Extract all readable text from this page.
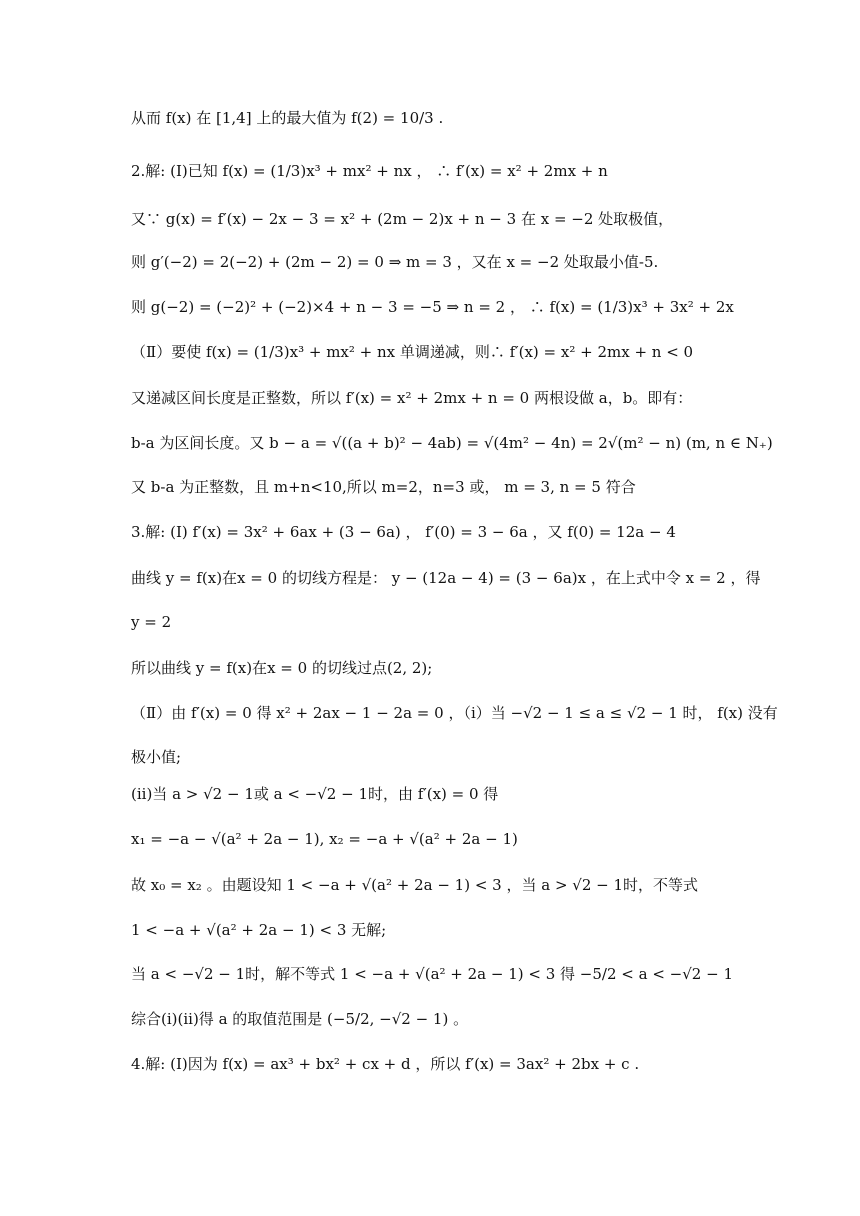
从而 f(x) 在 [1,4] 上的最大值为 f(2) = 10/3 .
2.解: (Ⅰ)已知 f(x) = (1/3)x³ + mx² + nx ， ∴ f′(x) = x² + 2mx + n
又∵ g(x) = f′(x) − 2x − 3 = x² + (2m − 2)x + n − 3 在 x = −2 处取极值，
则 g′(−2) = 2(−2) + (2m − 2) = 0 ⇒ m = 3 ，又在 x = −2 处取最小值-5.
则 g(−2) = (−2)² + (−2)×4 + n − 3 = −5 ⇒ n = 2 ， ∴ f(x) = (1/3)x³ + 3x² + 2x
（Ⅱ）要使 f(x) = (1/3)x³ + mx² + nx 单调递减，则∴ f′(x) = x² + 2mx + n < 0
又递减区间长度是正整数，所以 f′(x) = x² + 2mx + n = 0 两根设做 a，b。即有：
b-a 为区间长度。又 b − a = √((a + b)² − 4ab) = √(4m² − 4n) = 2√(m² − n) (m, n ∈ N₊)
又 b-a 为正整数，且 m+n<10,所以 m=2，n=3 或， m = 3, n = 5 符合
3.解: (Ⅰ) f′(x) = 3x² + 6ax + (3 − 6a) ， f′(0) = 3 − 6a ，又 f(0) = 12a − 4
曲线 y = f(x)在x = 0 的切线方程是： y − (12a − 4) = (3 − 6a)x ，在上式中令 x = 2 ，得
y = 2
所以曲线 y = f(x)在x = 0 的切线过点(2, 2);
（Ⅱ）由 f′(x) = 0 得 x² + 2ax − 1 − 2a = 0 ，（i）当 −√2 − 1 ≤ a ≤ √2 − 1 时， f(x) 没有
极小值;
(ii)当 a > √2 − 1或 a < −√2 − 1时，由 f′(x) = 0 得
x₁ = −a − √(a² + 2a − 1), x₂ = −a + √(a² + 2a − 1)
故 x₀ = x₂ 。由题设知 1 < −a + √(a² + 2a − 1) < 3 ，当 a > √2 − 1时，不等式
1 < −a + √(a² + 2a − 1) < 3 无解;
当 a < −√2 − 1时，解不等式 1 < −a + √(a² + 2a − 1) < 3 得 −5/2 < a < −√2 − 1
综合(i)(ii)得 a 的取值范围是 (−5/2, −√2 − 1) 。
4.解: (Ⅰ)因为 f(x) = ax³ + bx² + cx + d ，所以 f′(x) = 3ax² + 2bx + c .
